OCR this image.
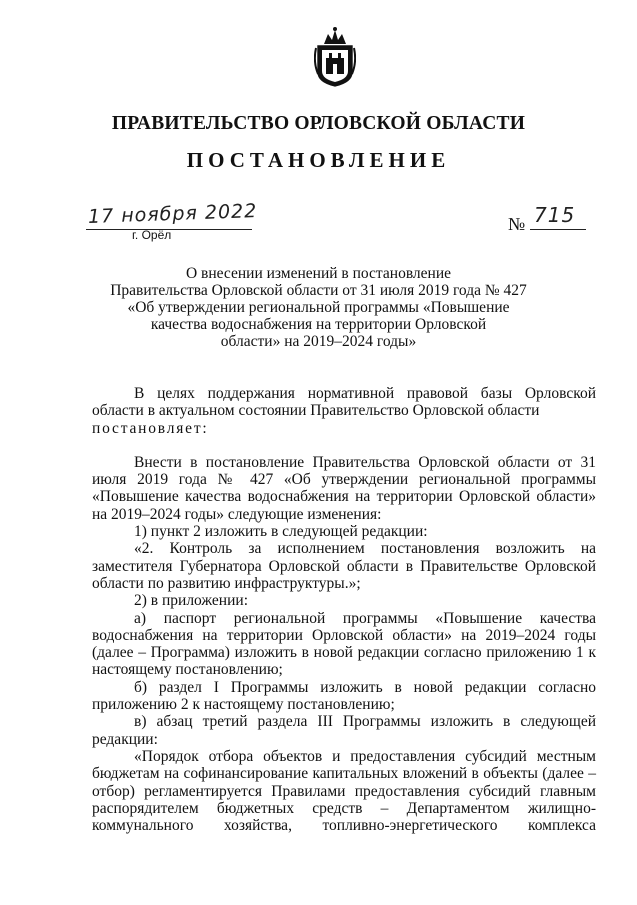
ПРАВИТЕЛЬСТВО ОРЛОВСКОЙ ОБЛАСТИ
ПОСТАНОВЛЕНИЕ
17 ноября 2022
г. Орёл
№ 715
О внесении изменений в постановление
Правительства Орловской области от 31 июля 2019 года № 427
«Об утверждении региональной программы «Повышение
качества водоснабжения на территории Орловской
области» на 2019–2024 годы»

В целях поддержания нормативной правовой базы Орловской области в актуальном состоянии Правительство Орловской области

постановляет:

Внести в постановление Правительства Орловской области от 31 июля 2019 года № 427 «Об утверждении региональной программы «Повышение качества водоснабжения на территории Орловской области» на 2019–2024 годы» следующие изменения:

1) пункт 2 изложить в следующей редакции:

«2. Контроль за исполнением постановления возложить на заместителя Губернатора Орловской области в Правительстве Орловской области по развитию инфраструктуры.»;

2) в приложении:

а) паспорт региональной программы «Повышение качества водоснабжения на территории Орловской области» на 2019–2024 годы (далее – Программа) изложить в новой редакции согласно приложению 1 к настоящему постановлению;

б) раздел I Программы изложить в новой редакции согласно приложению 2 к настоящему постановлению;

в) абзац третий раздела III Программы изложить в следующей редакции:

«Порядок отбора объектов и предоставления субсидий местным бюджетам на софинансирование капитальных вложений в объекты (далее – отбор) регламентируется Правилами предоставления субсидий главным распорядителем бюджетных средств – Департаментом жилищно-коммунального хозяйства, топливно-энергетического комплекса
